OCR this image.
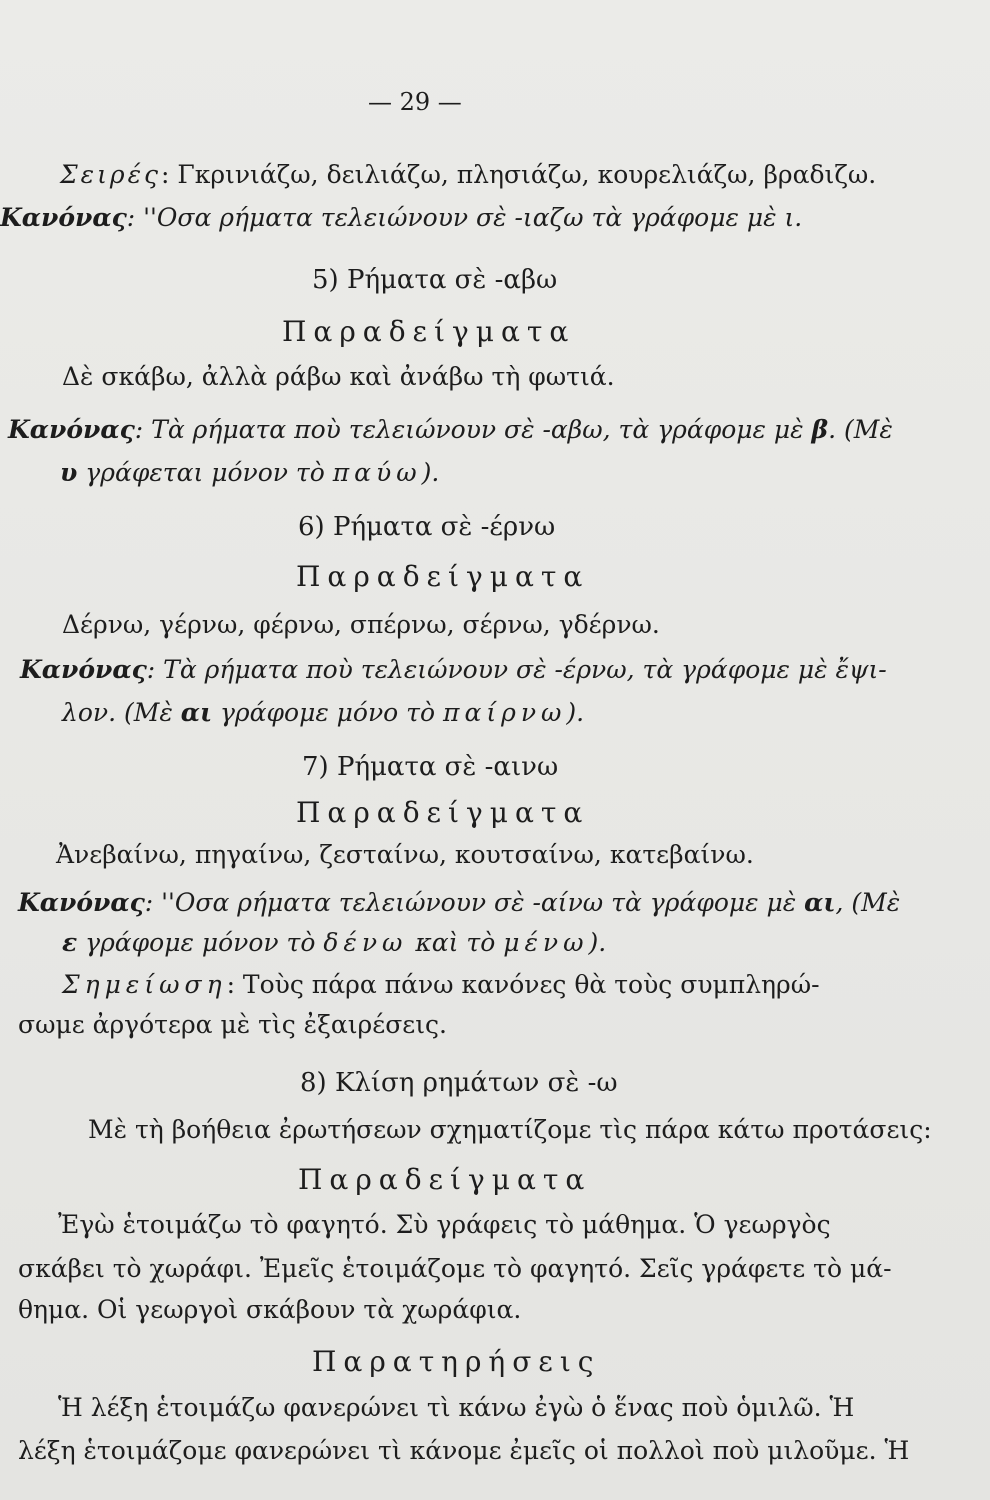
— 29 —
Σειρές: Γκρινιάζω, δειλιάζω, πλησιάζω, κουρελιάζω, βραδιζω.
Κανόνας: ''Οσα ρήματα τελειώνουν σὲ -ιαζω τὰ γράφομε μὲ ι.
5) Ρήματα σὲ -αβω
Παραδείγματα
Δὲ σκάβω, ἀλλὰ ράβω καὶ ἀνάβω τὴ φωτιά.
Κανόνας: Τὰ ρήματα ποὺ τελειώνουν σὲ -αβω, τὰ γράφομε μὲ β. (Μὲ
υ γράφεται μόνον τὸ παύω).
6) Ρήματα σὲ -έρνω
Παραδείγματα
Δέρνω, γέρνω, φέρνω, σπέρνω, σέρνω, γδέρνω.
Κανόνας: Τὰ ρήματα ποὺ τελειώνουν σὲ -έρνω, τὰ γράφομε μὲ ἔψι-
λον. (Μὲ αι γράφομε μόνο τὸ παίρνω).
7) Ρήματα σὲ -αινω
Παραδείγματα
Ἀνεβαίνω, πηγαίνω, ζεσταίνω, κουτσαίνω, κατεβαίνω.
Κανόνας: ''Οσα ρήματα τελειώνουν σὲ -αίνω τὰ γράφομε μὲ αι, (Μὲ
ε γράφομε μόνον τὸ δένω καὶ τὸ μένω).
Σημείωση: Τοὺς πάρα πάνω κανόνες θὰ τοὺς συμπληρώ-
σωμε ἀργότερα μὲ τὶς ἐξαιρέσεις.
8) Κλίση ρημάτων σὲ -ω
Μὲ τὴ βοήθεια ἐρωτήσεων σχηματίζομε τὶς πάρα κάτω προτάσεις:
Παραδείγματα
Ἐγὼ ἑτοιμάζω τὸ φαγητό. Σὺ γράφεις τὸ μάθημα. Ὁ γεωργὸς
σκάβει τὸ χωράφι. Ἐμεῖς ἑτοιμάζομε τὸ φαγητό. Σεῖς γράφετε τὸ μά-
θημα. Οἱ γεωργοὶ σκάβουν τὰ χωράφια.
Παρατηρήσεις
Ἡ λέξη ἑτοιμάζω φανερώνει τὶ κάνω ἐγὼ ὁ ἕνας ποὺ ὁμιλῶ. Ἡ
λέξη ἑτοιμάζομε φανερώνει τὶ κάνομε ἐμεῖς οἱ πολλοὶ ποὺ μιλοῦμε. Ἡ
